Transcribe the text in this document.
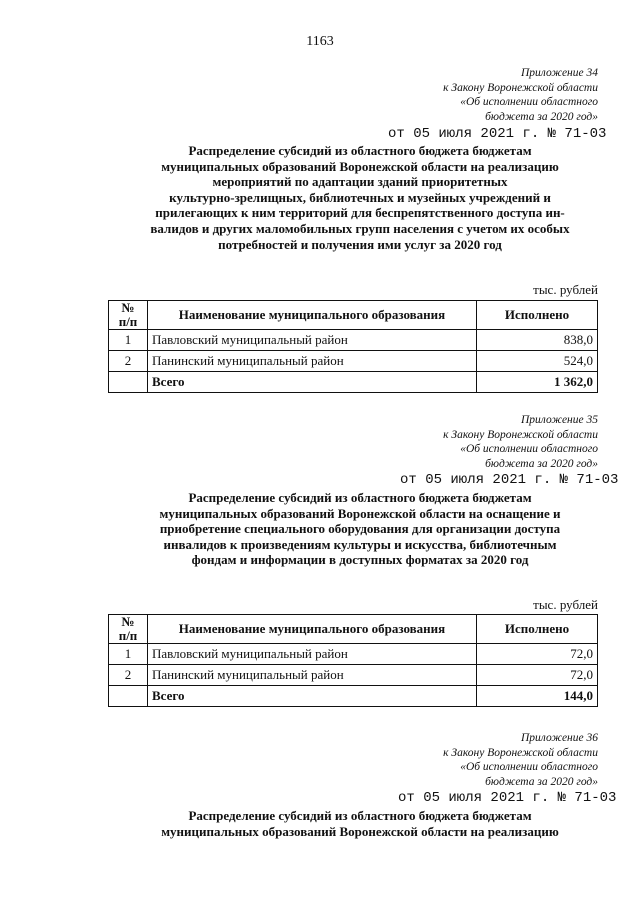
1163
Приложение 34
к Закону Воронежской области
«Об исполнении областного
бюджета за 2020 год»
от 05 июля 2021 г. № 71-03
Распределение субсидий из областного бюджета бюджетам
муниципальных образований Воронежской области на реализацию
мероприятий по адаптации зданий приоритетных
культурно-зрелищных, библиотечных и музейных учреждений и
прилегающих к ним территорий для беспрепятственного доступа ин-
валидов и других маломобильных групп населения с учетом их особых
потребностей и получения ими услуг за 2020 год
тыс. рублей
№
п/п	Наименование муниципального образования	Исполнено
1	Павловский муниципальный район	838,0
2	Панинский муниципальный район	524,0
	Всего	1 362,0
Приложение 35
к Закону Воронежской области
«Об исполнении областного
бюджета за 2020 год»
от 05 июля 2021 г. № 71-03
Распределение субсидий из областного бюджета бюджетам
муниципальных образований Воронежской области на оснащение и
приобретение специального оборудования для организации доступа
инвалидов к произведениям культуры и искусства, библиотечным
фондам и информации в доступных форматах за 2020 год
тыс. рублей
№
п/п	Наименование муниципального образования	Исполнено
1	Павловский муниципальный район	72,0
2	Панинский муниципальный район	72,0
	Всего	144,0
Приложение 36
к Закону Воронежской области
«Об исполнении областного
бюджета за 2020 год»
от 05 июля 2021 г. № 71-03
Распределение субсидий из областного бюджета бюджетам
муниципальных образований Воронежской области на реализацию
